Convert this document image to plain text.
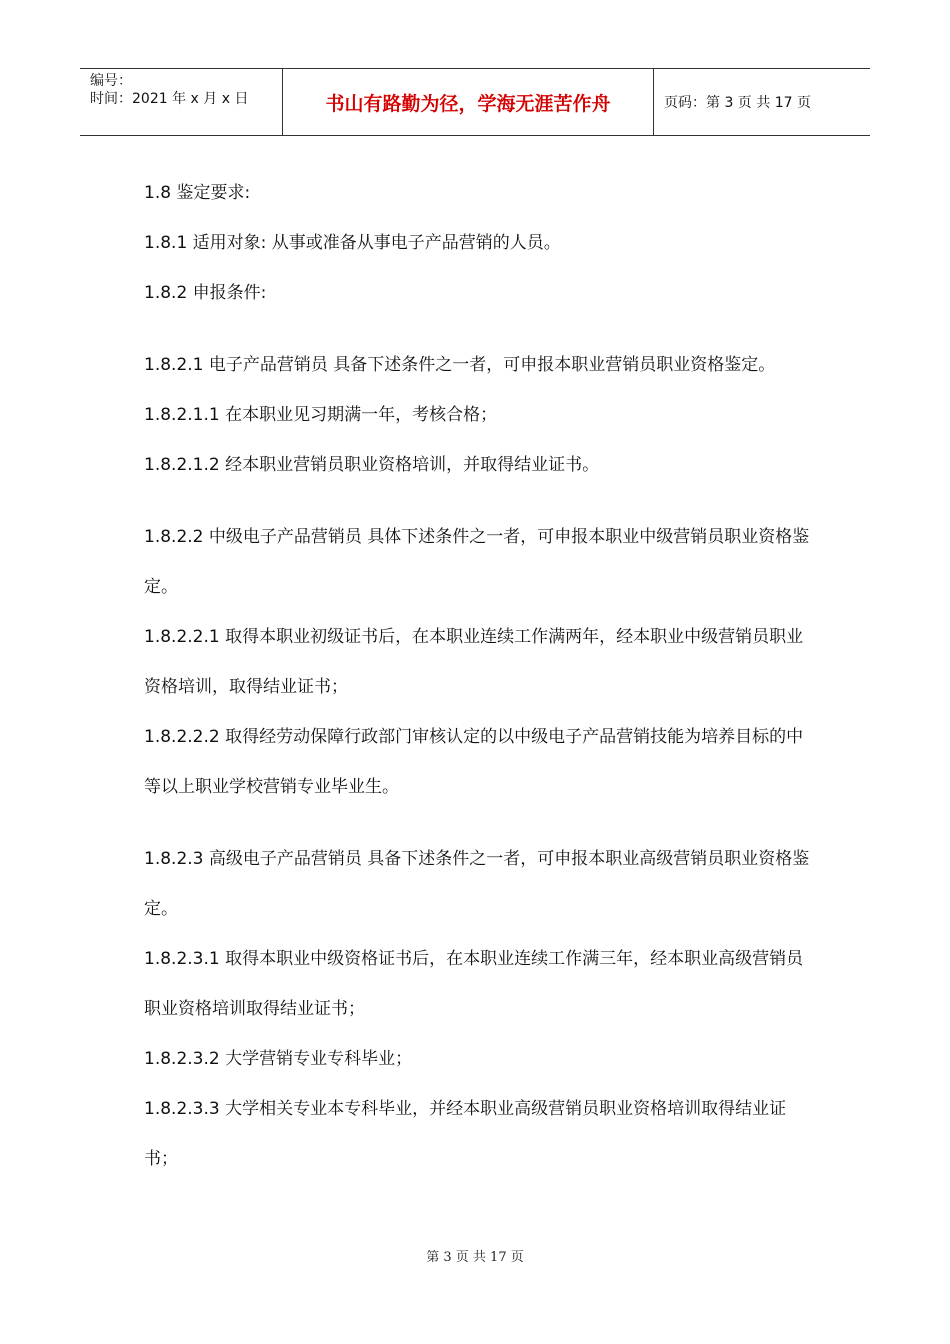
编号：
时间：2021 年 x 月 x 日	书山有路勤为径，学海无涯苦作舟	页码：第 3 页 共 17 页

1.8 鉴定要求:

1.8.1 适用对象: 从事或准备从事电子产品营销的人员。

1.8.2 申报条件:

1.8.2.1 电子产品营销员 具备下述条件之一者，可申报本职业营销员职业资格鉴定。

1.8.2.1.1 在本职业见习期满一年，考核合格；

1.8.2.1.2 经本职业营销员职业资格培训，并取得结业证书。

1.8.2.2 中级电子产品营销员 具体下述条件之一者，可申报本职业中级营销员职业资格鉴定。

1.8.2.2.1 取得本职业初级证书后，在本职业连续工作满两年，经本职业中级营销员职业资格培训，取得结业证书；

1.8.2.2.2 取得经劳动保障行政部门审核认定的以中级电子产品营销技能为培养目标的中等以上职业学校营销专业毕业生。

1.8.2.3 高级电子产品营销员 具备下述条件之一者，可申报本职业高级营销员职业资格鉴定。

1.8.2.3.1 取得本职业中级资格证书后，在本职业连续工作满三年，经本职业高级营销员职业资格培训取得结业证书；

1.8.2.3.2 大学营销专业专科毕业；

1.8.2.3.3 大学相关专业本专科毕业，并经本职业高级营销员职业资格培训取得结业证书；

第 3 页 共 17 页
